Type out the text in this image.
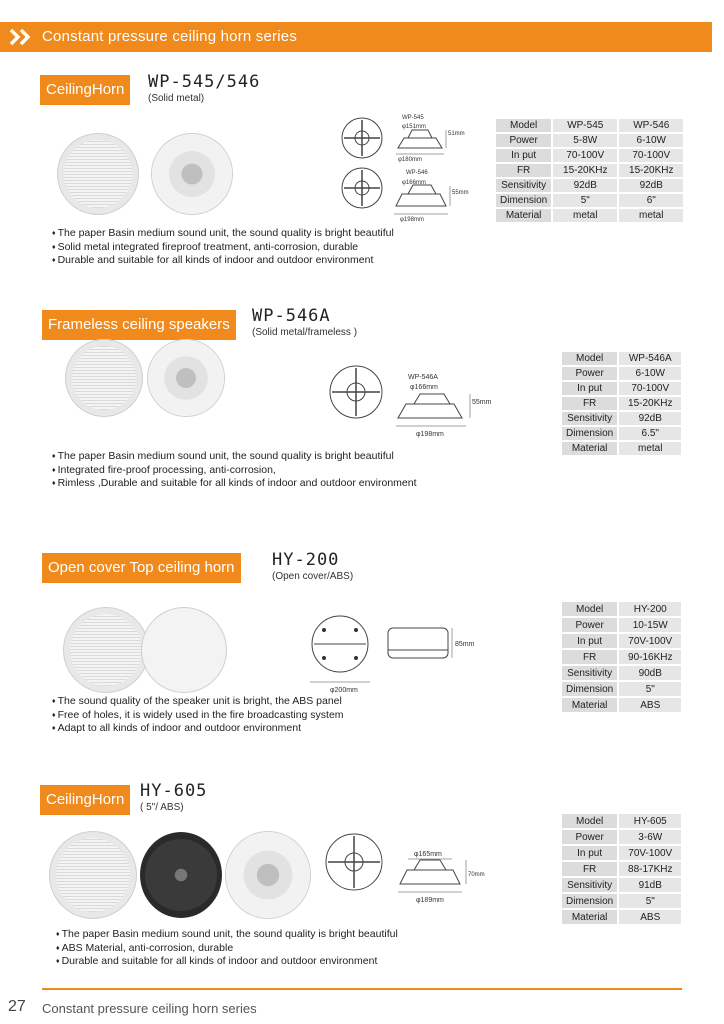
Constant pressure ceiling horn series
CeilingHorn	WP-545/546
(Solid metal)
WP-545
φ151mm
φ180mm
51mm
WP-546
φ166mm
φ198mm
55mm
Model	WP-545	WP-546
Power	5-8W	6-10W
In put	70-100V	70-100V
FR	15-20KHz	15-20KHz
Sensitivity	92dB	92dB
Dimension	5"	6"
Material	metal	metal
♦ The paper Basin medium sound unit, the sound quality is bright beautiful
♦ Solid metal integrated fireproof treatment, anti-corrosion, durable
♦ Durable and suitable for all kinds of indoor and outdoor environment
Frameless ceiling speakers	WP-546A
(Solid metal/frameless )
WP-546A
φ166mm
φ198mm
55mm
Model	WP-546A
Power	6-10W
In put	70-100V
FR	15-20KHz
Sensitivity	92dB
Dimension	6.5"
Material	metal
♦ The paper Basin medium sound unit, the sound quality is bright beautiful
♦ Integrated fire-proof processing, anti-corrosion,
♦ Rimless ,Durable and suitable for all kinds of indoor and outdoor environment
Open cover Top ceiling horn	HY-200
(Open cover/ABS)
φ200mm
85mm
Model	HY-200
Power	10-15W
In put	70V-100V
FR	90-16KHz
Sensitivity	90dB
Dimension	5"
Material	ABS
♦ The sound quality of the speaker unit is bright, the ABS panel
♦ Free of holes, it is widely used in the fire broadcasting system
♦ Adapt to all kinds of indoor and outdoor environment
CeilingHorn HY-605
( 5"/ ABS)
φ165mm
φ189mm
70mm
Model	HY-605
Power	3-6W
In put	70V-100V
FR	88-17KHz
Sensitivity	91dB
Dimension	5"
Material	ABS
♦ The paper Basin medium sound unit, the sound quality is bright beautiful
♦ ABS Material, anti-corrosion, durable
♦ Durable and suitable for all kinds of indoor and outdoor environment
27 Constant pressure ceiling horn series
